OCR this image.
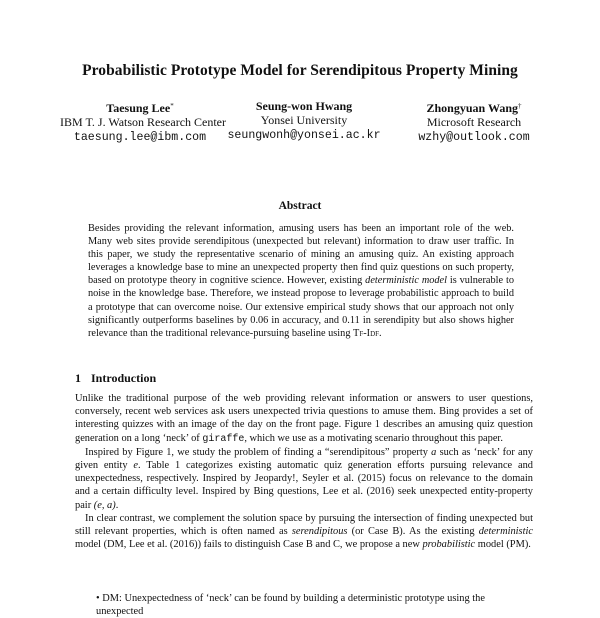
Probabilistic Prototype Model for Serendipitous Property Mining
Taesung Lee*
IBM T. J. Watson Research Center
taesung.lee@ibm.com
Seung-won Hwang
Yonsei University
seungwonh@yonsei.ac.kr
Zhongyuan Wang†
Microsoft Research
wzhy@outlook.com
Abstract
Besides providing the relevant information, amusing users has been an important role of the web. Many web sites provide serendipitous (unexpected but relevant) information to draw user traffic. In this paper, we study the representative scenario of mining an amusing quiz. An existing approach leverages a knowledge base to mine an unexpected property then find quiz questions on such property, based on prototype theory in cognitive science. However, existing deterministic model is vulnerable to noise in the knowledge base. Therefore, we instead propose to leverage probabilistic approach to build a prototype that can overcome noise. Our extensive empirical study shows that our approach not only significantly outperforms baselines by 0.06 in accuracy, and 0.11 in serendipity but also shows higher relevance than the traditional relevance-pursuing baseline using Tf-Idf.
1 Introduction

Unlike the traditional purpose of the web providing relevant information or answers to user questions, conversely, recent web services ask users unexpected trivia questions to amuse them. Bing provides a set of interesting quizzes with an image of the day on the front page. Figure 1 describes an amusing quiz question generation on a long ‘neck’ of giraffe, which we use as a motivating scenario throughout this paper.

Inspired by Figure 1, we study the problem of finding a “serendipitous” property a such as ‘neck’ for any given entity e. Table 1 categorizes existing automatic quiz generation efforts pursuing relevance and unexpectedness, respectively. Inspired by Jeopardy!, Seyler et al. (2015) focus on relevance to the domain and a certain difficulty level. Inspired by Bing questions, Lee et al. (2016) seek unexpected entity-property pair (e, a).

In clear contrast, we complement the solution space by pursuing the intersection of finding unexpected but still relevant properties, which is often named as serendipitous (or Case B). As the existing deterministic model (DM, Lee et al. (2016)) fails to distinguish Case B and C, we propose a new probabilistic model (PM).

• DM: Unexpectedness of ‘neck’ can be found by building a deterministic prototype using the unexpected
